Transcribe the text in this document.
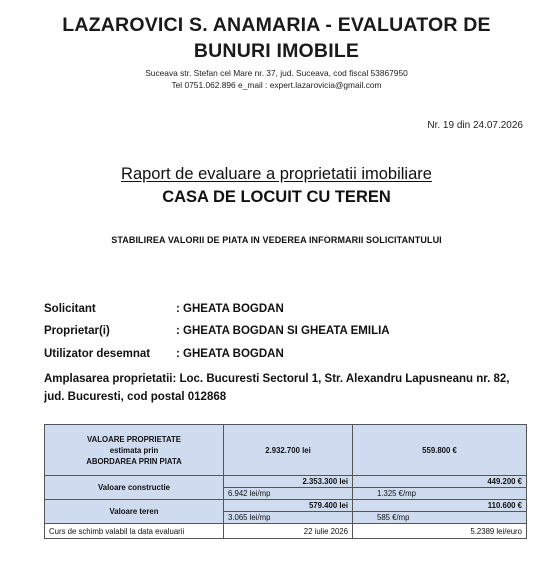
LAZAROVICI S. ANAMARIA - EVALUATOR DE
BUNURI IMOBILE
Suceava str. Stefan cel Mare nr. 37, jud. Suceava, cod fiscal 53867950
Tel 0751.062.896 e_mail : expert.lazarovicia@gmail.com
Nr. 19 din 24.07.2026
Raport de evaluare a proprietatii imobiliare
CASA DE LOCUIT CU TEREN
STABILIREA VALORII DE PIATA IN VEDEREA INFORMARII SOLICITANTULUI
Solicitant	: GHEATA BOGDAN
Proprietar(i)	: GHEATA BOGDAN SI GHEATA EMILIA
Utilizator desemnat : GHEATA BOGDAN
Amplasarea proprietatii: Loc. Bucuresti Sectorul 1, Str. Alexandru Lapusneanu nr. 82, jud. Bucuresti, cod postal 012868
VALOARE PROPRIETATE
estimata prin
ABORDAREA PRIN PIATA	2.932.700 lei	559.800 €
Valoare constructie	2.353.300 lei	449.200 €
	6.942 lei/mp	1.325 €/mp
Valoare teren	579.400 lei	110.600 €
	3.065 lei/mp	585 €/mp
Curs de schimb valabil la data evaluarii	22 iulie 2026	5.2389 lei/euro
